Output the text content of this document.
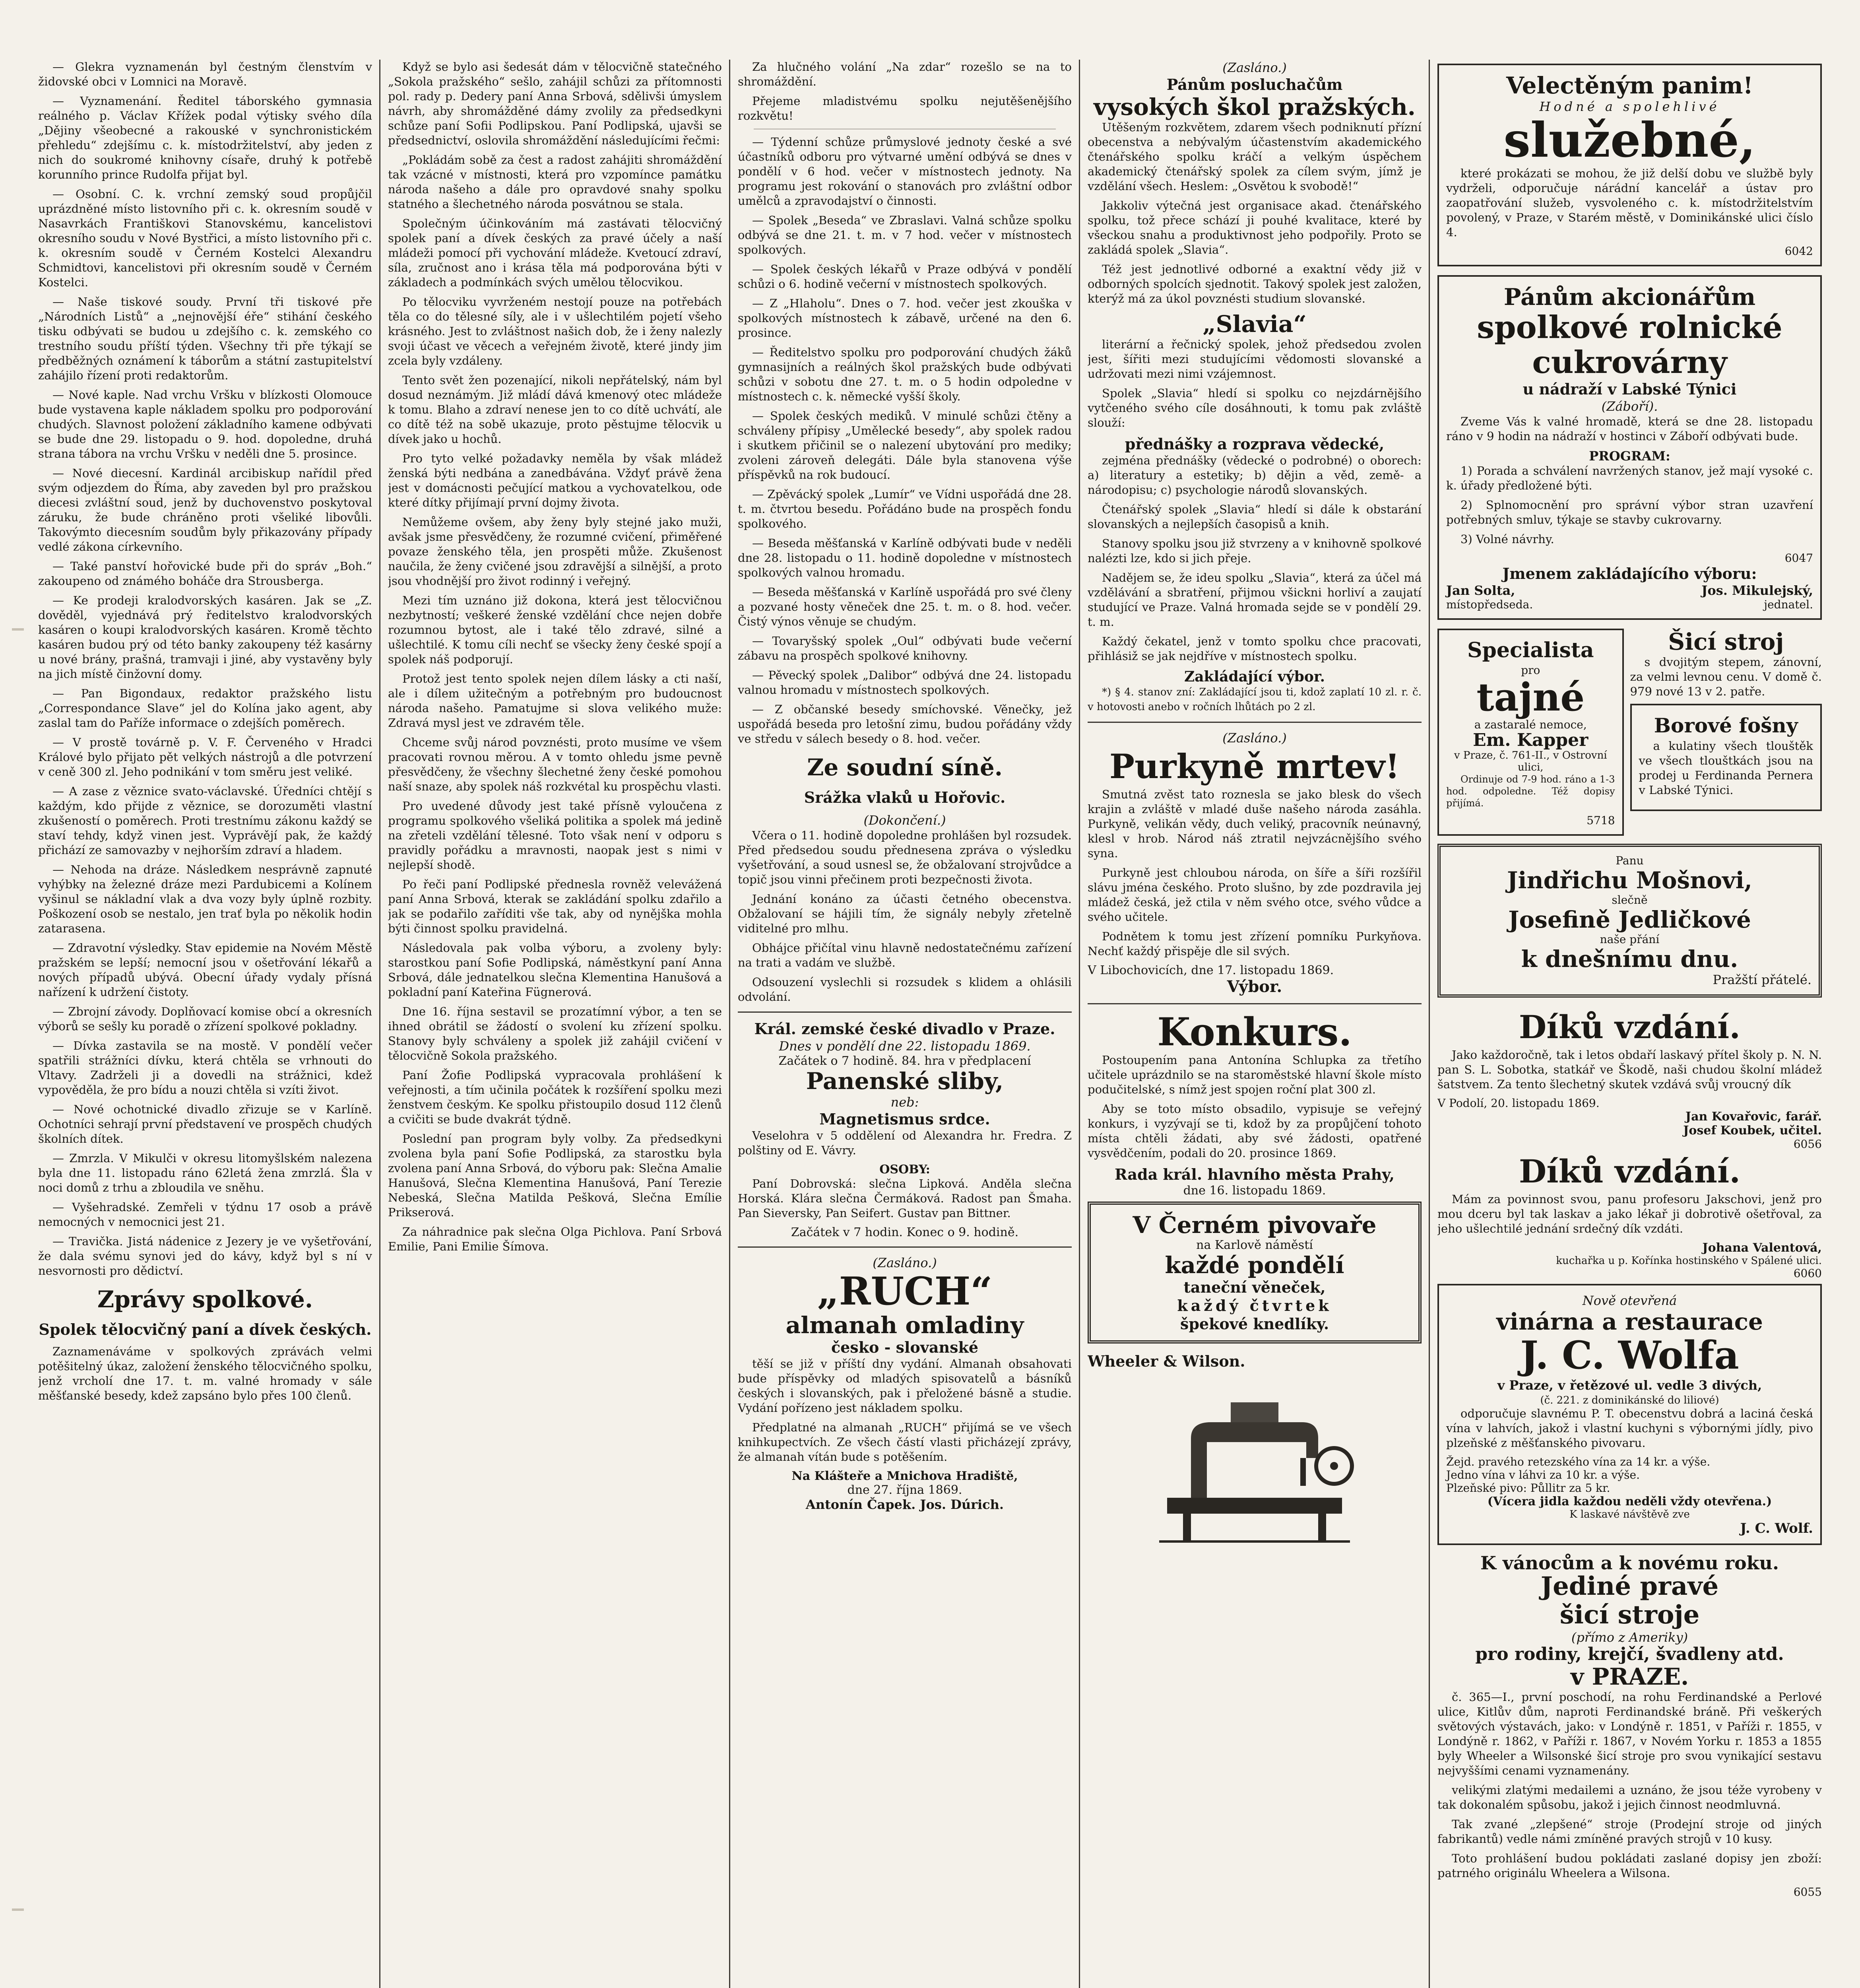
— Glekra vyznamenán byl čestným členstvím v židovské obci v Lomnici na Moravě.

— Vyznamenání. Ředitel táborského gymnasia reálného p. Václav Křížek podal výtisky svého díla „Dějiny všeobecné a rakouské v synchronistickém přehledu“ zdejšímu c. k. místodržitelství, aby jeden z nich do soukromé knihovny císaře, druhý k potřebě korunního prince Rudolfa přijat byl.

— Osobní. C. k. vrchní zemský soud propůjčil uprázdněné místo listovního při c. k. okresním soudě v Nasavrkách Františkovi Stanovskému, kancelistovi okresního soudu v Nové Bystřici, a místo listovního při c. k. okresním soudě v Černém Kostelci Alexandru Schmidtovi, kancelistovi při okresním soudě v Černém Kostelci.

— Naše tiskové soudy. První tři tiskové pře „Národních Listů“ a „nejnovější éře“ stihání českého tisku odbývati se budou u zdejšího c. k. zemského co trestního soudu příští týden. Všechny tři pře týkají se předběžných oznámení k táborům a státní zastupitelství zahájilo řízení proti redaktorům.

— Nové kaple. Nad vrchu Vršku v blízkosti Olomouce bude vystavena kaple nákladem spolku pro podporování chudých. Slavnost položení základního kamene odbývati se bude dne 29. listopadu o 9. hod. dopoledne, druhá strana tábora na vrchu Vršku v neděli dne 5. prosince.

— Nové diecesní. Kardinál arcibiskup nařídil před svým odjezdem do Říma, aby zaveden byl pro pražskou diecesi zvláštní soud, jenž by duchovenstvo poskytoval záruku, že bude chráněno proti všeliké libovůli. Takovýmto diecesním soudům byly přikazovány případy vedlé zákona církevního.

— Také panství hořovické bude při do správ „Boh.“ zakoupeno od známého boháče dra Strousberga.

— Ke prodeji kralodvorských kasáren. Jak se „Z. dověděl, vyjednává prý ředitelstvo kralodvorských kasáren o koupi kralodvorských kasáren. Kromě těchto kasáren budou prý od této banky zakoupeny též kasárny u nové brány, prašná, tramvaji i jiné, aby vystavěny byly na jich místě činžovní domy.

— Pan Bigondaux, redaktor pražského listu „Correspondance Slave“ jel do Kolína jako agent, aby zaslal tam do Paříže informace o zdejších poměrech.

— V prostě továrně p. V. F. Červeného v Hradci Králové bylo přijato pět velkých nástrojů a dle potvrzení v ceně 300 zl. Jeho podnikání v tom směru jest veliké.

— A zase z věznice svato-václavské. Úředníci chtějí s každým, kdo přijde z věznice, se dorozuměti vlastní zkušeností o poměrech. Proti trestnímu zákonu každý se staví tehdy, když vinen jest. Vyprávějí pak, že každý přichází ze samovazby v nejhorším zdraví a hladem.

— Nehoda na dráze. Následkem nesprávně zapnuté vyhýbky na železné dráze mezi Pardubicemi a Kolínem vyšinul se nákladní vlak a dva vozy byly úplně rozbity. Poškození osob se nestalo, jen trať byla po několik hodin zatarasena.

— Zdravotní výsledky. Stav epidemie na Novém Městě pražském se lepší; nemocní jsou v ošetřování lékařů a nových případů ubývá. Obecní úřady vydaly přísná nařízení k udržení čistoty.

— Zbrojní závody. Doplňovací komise obcí a okresních výborů se sešly ku poradě o zřízení spolkové pokladny.

— Dívka zastavila se na mostě. V pondělí večer spatřili strážníci dívku, která chtěla se vrhnouti do Vltavy. Zadrželi ji a dovedli na strážnici, kdež vypověděla, že pro bídu a nouzi chtěla si vzíti život.

— Nové ochotnické divadlo zřizuje se v Karlíně. Ochotníci sehrají první představení ve prospěch chudých školních dítek.

— Zmrzla. V Mikulči v okresu litomyšlském nalezena byla dne 11. listopadu ráno 62letá žena zmrzlá. Šla v noci domů z trhu a zbloudila ve sněhu.

— Vyšehradské. Zemřeli v týdnu 17 osob a právě nemocných v nemocnici jest 21.

— Travička. Jistá nádenice z Jezery je ve vyšetřování, že dala svému synovi jed do kávy, když byl s ní v nesvornosti pro dědictví.

Zprávy spolkové.
Spolek tělocvičný paní a dívek českých.

Zaznamenáváme v spolkových zprávách velmi potěšitelný úkaz, založení ženského tělocvičného spolku, jenž vrcholí dne 17. t. m. valné hromady v sále měšťanské besedy, kdež zapsáno bylo přes 100 členů.

Když se bylo asi šedesát dám v tělocvičně statečného „Sokola pražského“ sešlo, zahájil schůzi za přítomnosti pol. rady p. Dedery paní Anna Srbová, sdělivši úmyslem návrh, aby shromážděné dámy zvolily za předsedkyni schůze paní Sofii Podlipskou. Paní Podlipská, ujavši se předsednictví, oslovila shromáždění následujícími řečmi:

„Pokládám sobě za čest a radost zahájiti shromáždění tak vzácné v místnosti, která pro vzpomínce památku národa našeho a dále pro opravdové snahy spolku statného a šlechetného národa posvátnou se stala.

Společným účinkováním má zastávati tělocvičný spolek paní a dívek českých za pravé účely a naší mládeži pomocí při vychování mládeže. Kvetoucí zdraví, síla, zručnost ano i krása těla má podporována býti v základech a podmínkách svých umělou tělocvikou.

Po tělocviku vyvrženém nestojí pouze na potřebách těla co do tělesné síly, ale i v ušlechtilém pojetí všeho krásného. Jest to zvláštnost našich dob, že i ženy nalezly svoji účast ve věcech a veřejném životě, které jindy jim zcela byly vzdáleny.

Tento svět žen pozenající, nikoli nepřátelský, nám byl dosud neznámým. Již mládí dává kmenový otec mládeže k tomu. Blaho a zdraví nenese jen to co dítě uchvátí, ale co dítě též na sobě ukazuje, proto pěstujme tělocvik u dívek jako u hochů.

Pro tyto velké požadavky neměla by však mládež ženská býti nedbána a zanedbávána. Vždyť právě žena jest v domácnosti pečující matkou a vychovatelkou, ode které dítky přijímají první dojmy života.

Nemůžeme ovšem, aby ženy byly stejné jako muži, avšak jsme přesvědčeny, že rozumné cvičení, přiměřené povaze ženského těla, jen prospěti může. Zkušenost naučila, že ženy cvičené jsou zdravější a silnější, a proto jsou vhodnější pro život rodinný i veřejný.

Mezi tím uznáno již dokona, která jest tělocvičnou nezbytností; veškeré ženské vzdělání chce nejen dobře rozumnou bytost, ale i také tělo zdravé, silné a ušlechtilé. K tomu cíli nechť se všecky ženy české spojí a spolek náš podporují.

Protož jest tento spolek nejen dílem lásky a cti naší, ale i dílem užitečným a potřebným pro budoucnost národa našeho. Pamatujme si slova velikého muže: Zdravá mysl jest ve zdravém těle.

Chceme svůj národ povznésti, proto musíme ve všem pracovati rovnou měrou. A v tomto ohledu jsme pevně přesvědčeny, že všechny šlechetné ženy české pomohou naší snaze, aby spolek náš rozkvétal ku prospěchu vlasti.

Pro uvedené důvody jest také přísně vyloučena z programu spolkového všeliká politika a spolek má jedině na zřeteli vzdělání tělesné. Toto však není v odporu s pravidly pořádku a mravnosti, naopak jest s nimi v nejlepší shodě.

Po řeči paní Podlipské přednesla rovněž velevážená paní Anna Srbová, kterak se zakládání spolku zdařilo a jak se podařilo zaříditi vše tak, aby od nynějška mohla býti činnost spolku pravidelná.

Následovala pak volba výboru, a zvoleny byly: starostkou paní Sofie Podlipská, náměstkyní paní Anna Srbová, dále jednatelkou slečna Klementina Hanušová a pokladní paní Kateřina Fügnerová.

Dne 16. října sestavil se prozatímní výbor, a ten se ihned obrátil se žádostí o svolení ku zřízení spolku. Stanovy byly schváleny a spolek již zahájil cvičení v tělocvičně Sokola pražského.

Paní Žofie Podlipská vypracovala prohlášení k veřejnosti, a tím učinila počátek k rozšíření spolku mezi ženstvem českým. Ke spolku přistoupilo dosud 112 členů a cvičiti se bude dvakrát týdně.

Poslední pan program byly volby. Za předsedkyni zvolena byla paní Sofie Podlipská, za starostku byla zvolena paní Anna Srbová, do výboru pak: Slečna Amalie Hanušová, Slečna Klementina Hanušová, Paní Terezie Nebeská, Slečna Matilda Pešková, Slečna Emílie Prikserová.

Za náhradnice pak slečna Olga Pichlova. Paní Srbová Emilie, Pani Emilie Šímova.

Za hlučného volání „Na zdar“ rozešlo se na to shromáždění.

Přejeme mladistvému spolku nejutěšenějšího rozkvětu!

— Týdenní schůze průmyslové jednoty české a své účastníků odboru pro výtvarné umění odbývá se dnes v pondělí v 6 hod. večer v místnostech jednoty. Na programu jest rokování o stanovách pro zvláštní odbor umělců a zpravodajství o činnosti.

— Spolek „Beseda“ ve Zbraslavi. Valná schůze spolku odbývá se dne 21. t. m. v 7 hod. večer v místnostech spolkových.

— Spolek českých lékařů v Praze odbývá v pondělí schůzi o 6. hodině večerní v místnostech spolkových.

— Z „Hlaholu“. Dnes o 7. hod. večer jest zkouška v spolkových místnostech k zábavě, určené na den 6. prosince.

— Ředitelstvo spolku pro podporování chudých žáků gymnasijních a reálných škol pražských bude odbývati schůzi v sobotu dne 27. t. m. o 5 hodin odpoledne v místnostech c. k. německé vyšší školy.

— Spolek českých mediků. V minulé schůzi čtěny a schváleny přípisy „Umělecké besedy“, aby spolek radou i skutkem přičinil se o nalezení ubytování pro mediky; zvoleni zároveň delegáti. Dále byla stanovena výše příspěvků na rok budoucí.

— Zpěvácký spolek „Lumír“ ve Vídni uspořádá dne 28. t. m. čtvrtou besedu. Pořádáno bude na prospěch fondu spolkového.

— Beseda měšťanská v Karlíně odbývati bude v neděli dne 28. listopadu o 11. hodině dopoledne v místnostech spolkových valnou hromadu.

— Beseda měšťanská v Karlíně uspořádá pro své členy a pozvané hosty věneček dne 25. t. m. o 8. hod. večer. Čistý výnos věnuje se chudým.

— Tovaryšský spolek „Oul“ odbývati bude večerní zábavu na prospěch spolkové knihovny.

— Pěvecký spolek „Dalibor“ odbývá dne 24. listopadu valnou hromadu v místnostech spolkových.

— Z občanské besedy smíchovské. Věnečky, jež uspořádá beseda pro letošní zimu, budou pořádány vždy ve středu v sálech besedy o 8. hod. večer.

Ze soudní síně.
Srážka vlaků u Hořovic.
(Dokončení.)

Včera o 11. hodině dopoledne prohlášen byl rozsudek. Před předsedou soudu přednesena zpráva o výsledku vyšetřování, a soud usnesl se, že obžalovaní strojvůdce a topič jsou vinni přečinem proti bezpečnosti života.

Jednání konáno za účasti četného obecenstva. Obžalovaní se hájili tím, že signály nebyly zřetelně viditelné pro mlhu.

Obhájce přičítal vinu hlavně nedostatečnému zařízení na trati a vadám ve službě.

Odsouzení vyslechli si rozsudek s klidem a ohlásili odvolání.

Král. zemské české divadlo v Praze.
Dnes v pondělí dne 22. listopadu 1869.
Začátek o 7 hodině. 84. hra v předplacení
Panenské sliby,
neb:
Magnetismus srdce.

Veselohra v 5 oddělení od Alexandra hr. Fredra. Z polštiny od E. Vávry.

OSOBY:

Paní Dobrovská: slečna Lipková. Anděla slečna Horská. Klára slečna Čermáková. Radost pan Šmaha. Pan Sieversky, Pan Seifert. Gustav pan Bittner.

Začátek v 7 hodin. Konec o 9. hodině.
(Zasláno.)
„RUCH“
almanah omladiny
česko - slovanské

těší se již v příští dny vydání. Almanah obsahovati bude příspěvky od mladých spisovatelů a básníků českých i slovanských, pak i přeložené básně a studie. Vydání pořízeno jest nákladem spolku.

Předplatné na almanah „RUCH“ přijímá se ve všech knihkupectvích. Ze všech částí vlasti přicházejí zprávy, že almanah vítán bude s potěšením.

Na Klášteře a Mnichova Hradiště,
dne 27. října 1869.
Antonín Čapek. Jos. Dúrich.
(Zasláno.)
Pánům posluchačům
vysokých škol pražských.

Utěšeným rozkvětem, zdarem všech podniknutí přízní obecenstva a nebývalým účastenstvím akademického čtenářského spolku kráčí a velkým úspěchem akademický čtenářský spolek za cílem svým, jímž je vzdělání všech. Heslem: „Osvětou k svobodě!“

Jakkoliv výtečná jest organisace akad. čtenářského spolku, tož přece schází ji pouhé kvalitace, které by všeckou snahu a produktivnost jeho podpořily. Proto se zakládá spolek „Slavia“.

Též jest jednotlivé odborné a exaktní vědy již v odborných spolcích sjednotit. Takový spolek jest založen, kterýž má za úkol povznésti studium slovanské.

„Slavia“

literární a řečnický spolek, jehož předsedou zvolen jest, šířiti mezi studujícími vědomosti slovanské a udržovati mezi nimi vzájemnost.

Spolek „Slavia“ hledí si spolku co nejzdárnějšího vytčeného svého cíle dosáhnouti, k tomu pak zvláště slouží:

přednášky a rozprava vědecké,

zejména přednášky (vědecké o podrobné) o oborech: a) literatury a estetiky; b) dějin a věd, země- a národopisu; c) psychologie národů slovanských.

Čtenářský spolek „Slavia“ hledí si dále k obstarání slovanských a nejlepších časopisů a knih.

Stanovy spolku jsou již stvrzeny a v knihovně spolkové nalézti lze, kdo si jich přeje.

Nadějem se, že ideu spolku „Slavia“, která za účel má vzdělávání a sbratření, přijmou všickni horliví a zaujatí studující ve Praze. Valná hromada sejde se v pondělí 29. t. m.

Každý čekatel, jenž v tomto spolku chce pracovati, přihlásiž se jak nejdříve v místnostech spolku.

Zakládající výbor.

*) § 4. stanov zní: Zakládající jsou ti, kdož zaplatí 10 zl. r. č. v hotovosti anebo v ročních lhůtách po 2 zl.

(Zasláno.)
Purkyně mrtev!

Smutná zvěst tato roznesla se jako blesk do všech krajin a zvláště v mladé duše našeho národa zasáhla. Purkyně, velikán vědy, duch veliký, pracovník neúnavný, klesl v hrob. Národ náš ztratil nejvzácnějšího svého syna.

Purkyně jest chloubou národa, on šíře a šíři rozšířil slávu jména českého. Proto slušno, by zde pozdravila jej mládež česká, jež ctila v něm svého otce, svého vůdce a svého učitele.

Podnětem k tomu jest zřízení pomníku Purkyňova. Nechť každý přispěje dle sil svých.

V Libochovicích, dne 17. listopadu 1869.
Výbor.
Konkurs.

Postoupením pana Antonína Schlupka za třetího učitele uprázdnilo se na staroměstské hlavní škole místo podučitelské, s nímž jest spojen roční plat 300 zl.

Aby se toto místo obsadilo, vypisuje se veřejný konkurs, i vyzývají se ti, kdož by za propůjčení tohoto místa chtěli žádati, aby své žádosti, opatřené vysvědčením, podali do 20. prosince 1869.

Rada král. hlavního města Prahy,
dne 16. listopadu 1869.
V Černém pivovaře
na Karlově náměstí
každé pondělí
taneční věneček,
každý čtvrtek
špekové knedlíky.
Wheeler & Wilson.
Velectěným panim!
Hodné a spolehlivé
služebné,

které prokázati se mohou, že již delší dobu ve službě byly vydrželi, odporučuje nárádní kancelář a ústav pro zaopatřování služeb, vysvoleného c. k. místodržitelstvím povolený, v Praze, v Starém městě, v Dominikánské ulici číslo 4.

6042
Pánům akcionářům
spolkové rolnické
cukrovárny
u nádraží v Labské Týnici
(Záboří).

Zveme Vás k valné hromadě, která se dne 28. listopadu ráno v 9 hodin na nádraží v hostinci v Záboří odbývati bude.

PROGRAM:

1) Porada a schválení navržených stanov, jež mají vysoké c. k. úřady předložené býti.

2) Splnomocnění pro správní výbor stran uzavření potřebných smluv, týkaje se stavby cukrovarny.

3) Volné návrhy.

6047
Jmenem zakládajícího výboru:
Jan Solta,	Jos. Mikulejský,
místopředseda.	jednatel.
Specialista
pro
tajné
a zastaralé nemoce,
Em. Kapper
v Praze, č. 761-II., v Ostrovní ulici,

Ordinuje od 7-9 hod. ráno a 1-3 hod. odpoledne. Též dopisy přijímá.

5718
Šicí stroj

s dvojitým stepem, zánovní, za velmi levnou cenu. V domě č. 979 nové 13 v 2. patře.

Borové fošny

a kulatiny všech tlouštěk ve všech tlouštkách jsou na prodej u Ferdinanda Pernera v Labské Týnici.

Panu
Jindřichu Mošnovi,
slečně
Josefině Jedličkové
naše přání
k dnešnímu dnu.
Pražští přátelé.
Díků vzdání.

Jako každoročně, tak i letos obdaří laskavý přítel školy p. N. N. pan S. L. Sobotka, statkář ve Škodě, naši chudou školní mládež šatstvem. Za tento šlechetný skutek vzdává svůj vroucný dík

V Podolí, 20. listopadu 1869.
Jan Kovařovic, farář.
Josef Koubek, učitel.
6056
Díků vzdání.

Mám za povinnost svou, panu profesoru Jakschovi, jenž pro mou dceru byl tak laskav a jako lékař ji dobrotivě ošetřoval, za jeho ušlechtilé jednání srdečný dík vzdáti.

Johana Valentová,
kuchařka u p. Kořínka hostinského v Spálené ulici.
6060
Nově otevřená
vinárna a restaurace
J. C. Wolfa
v Praze, v řetězové ul. vedle 3 divých,
(č. 221. z dominikánské do liliové)

odporučuje slavnému P. T. obecenstvu dobrá a laciná česká vína v lahvích, jakož i vlastní kuchyni s výbornými jídly, pivo plzeňské z měšťanského pivovaru.

Žejd. pravého retezského vína za 14 kr. a výše.
Jedno vína v láhvi za 10 kr. a výše.
Plzeňské pivo: Půllitr za 5 kr.
(Vícera jidla každou neděli vždy otevřena.)
K laskavé návštěvě zve
J. C. Wolf.
K vánocům a k novému roku.
Jediné pravé
šicí stroje
(přímo z Ameriky)
pro rodiny, krejčí, švadleny atd.
v PRAZE.

č. 365—I., první poschodí, na rohu Ferdinandské a Perlové ulice, Kitlův dům, naproti Ferdinandské bráně. Při veškerých světových výstavách, jako: v Londýně r. 1851, v Paříži r. 1855, v Londýně r. 1862, v Paříži r. 1867, v Novém Yorku r. 1853 a 1855 byly Wheeler a Wilsonské šicí stroje pro svou vynikající sestavu nejvyššími cenami vyznamenány.

velikými zlatými medailemi a uznáno, že jsou téže vyrobeny v tak dokonalém spůsobu, jakož i jejich činnost neodmluvná.

Tak zvané „zlepšené“ stroje (Prodejní stroje od jiných fabrikantů) vedle námi zmíněné pravých strojů v 10 kusy.

Toto prohlášení budou pokládati zaslané dopisy jen zboží: patrného originálu Wheelera a Wilsona.

6055
